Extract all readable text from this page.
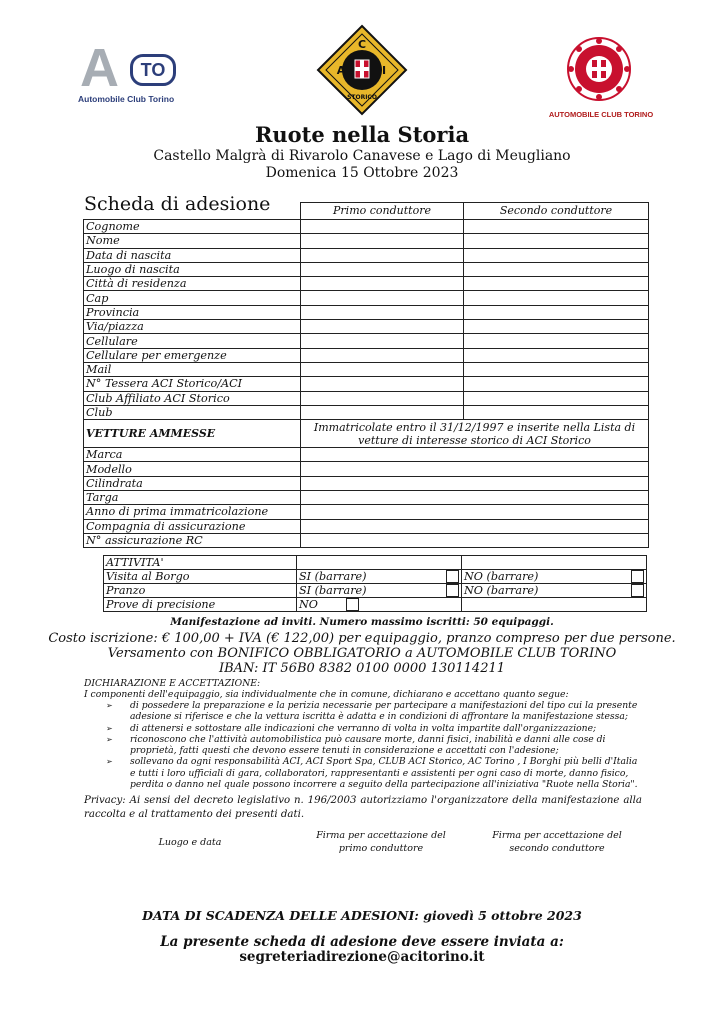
A	TO
Automobile Club Torino
C
A	I
STORICO
AUTOMOBILE CLUB TORINO
Ruote nella Storia
Castello Malgrà di Rivarolo Canavese e Lago di Meugliano
Domenica 15 Ottobre 2023
Scheda di adesione
		Primo conduttore	Secondo conduttore
Cognome		
Nome		
Data di nascita		
Luogo di nascita		
Città di residenza		
Cap		
Provincia		
Via/piazza		
Cellulare		
Cellulare per emergenze		
Mail		
N° Tessera ACI Storico/ACI		
Club Affiliato ACI Storico		
Club		
VETTURE AMMESSE	Immatricolate entro il 31/12/1997 e inserite nella Lista di vetture di interesse storico di ACI Storico	
Marca		
Modello		
Cilindrata		
Targa		
Anno di prima immatricolazione		
Compagnia di assicurazione		
N° assicurazione RC		
ATTIVITA'		
Visita al Borgo	SI (barrare)	NO (barrare)

Pranzo	SI (barrare)	NO (barrare)

Prove di precisione	NO	

Manifestazione ad inviti. Numero massimo iscritti: 50 equipaggi.
Costo iscrizione: € 100,00 + IVA (€ 122,00) per equipaggio, pranzo compreso per due persone.
Versamento con BONIFICO OBBLIGATORIO a AUTOMOBILE CLUB TORINO
IBAN: IT 56B0 8382 0100 0000 130114211
DICHIARAZIONE E ACCETTAZIONE:
I componenti dell'equipaggio, sia individualmente che in comune, dichiarano e accettano quanto segue:
➢ di possedere la preparazione e la perizia necessarie per partecipare a manifestazioni del tipo cui la presente adesione si riferisce e che la vettura iscritta è adatta e in condizioni di affrontare la manifestazione stessa;
➢ di attenersi e sottostare alle indicazioni che verranno di volta in volta impartite dall'organizzazione;
➢ riconoscono che l'attività automobilistica può causare morte, danni fisici, inabilità e danni alle cose di proprietà, fatti questi che devono essere tenuti in considerazione e accettati con l'adesione;
➢ sollevano da ogni responsabilità ACI, ACI Sport Spa, CLUB ACI Storico, AC Torino , I Borghi più belli d'Italia e tutti i loro ufficiali di gara, collaboratori, rappresentanti e assistenti per ogni caso di morte, danno fisico, perdita o danno nel quale possono incorrere a seguito della partecipazione all'iniziativa "Ruote nella Storia".
Privacy: Ai sensi del decreto legislativo n. 196/2003 autorizziamo l'organizzatore della manifestazione alla raccolta e al trattamento dei presenti dati.
Luogo e data
Firma per accettazione del primo conduttore
Firma per accettazione del secondo conduttore
DATA DI SCADENZA DELLE ADESIONI: giovedì 5 ottobre 2023
La presente scheda di adesione deve essere inviata a:
segreteriadirezione@acitorino.it
